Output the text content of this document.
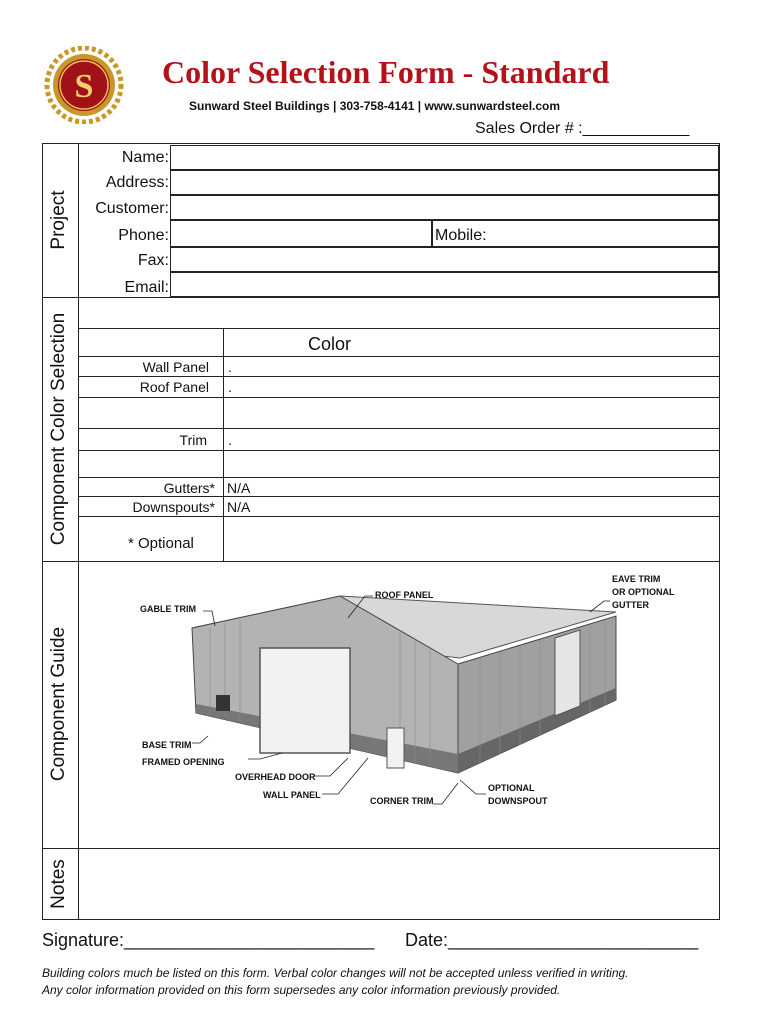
S Color Selection Form - Standard
Sunward Steel Buildings | 303-758-4141 | www.sunwardsteel.com
Sales Order # :____________
Project
Component Color Selection
Component Guide
Notes
Name:
Address:
Customer:
Phone:	Mobile:
Fax:
Email:
Color
Wall Panel .
Roof Panel .
Trim .
Gutters* N/A
Downspouts* N/A
* Optional
GABLE TRIM
ROOF PANEL
EAVE TRIM
OR OPTIONAL
GUTTER
BASE TRIM
FRAMED OPENING
OVERHEAD DOOR
WALL PANEL
CORNER TRIM
OPTIONAL
DOWNSPOUT
Signature:_________________________ Date:_________________________
Building colors much be listed on this form. Verbal color changes will not be accepted unless verified in writing.
Any color information provided on this form supersedes any color information previously provided.
